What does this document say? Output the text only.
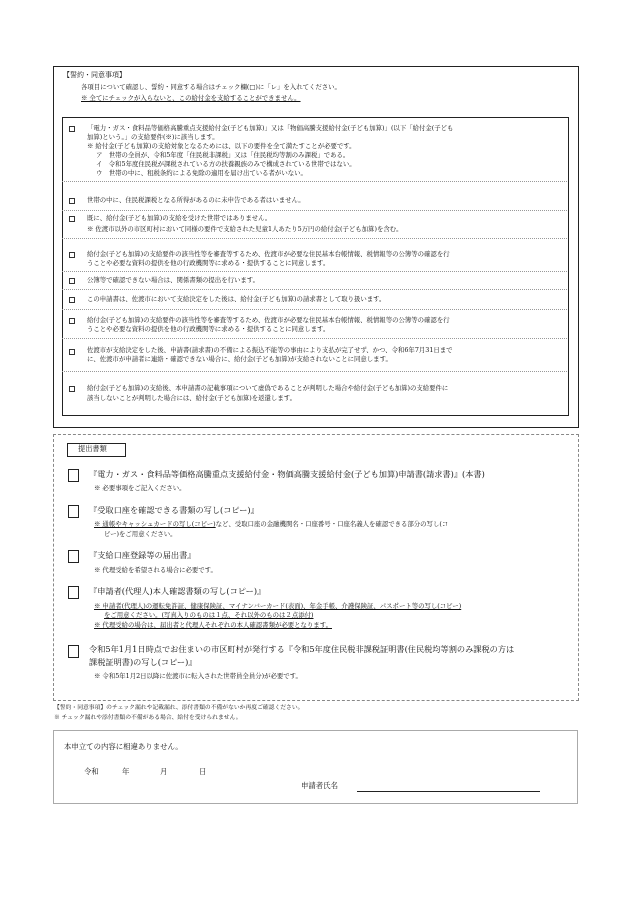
【誓約・同意事項】
各項目について確認し、誓約・同意する場合はチェック欄(□)に「レ」を入れてください。
※ 全てにチェックが入らないと、この給付金を支給することができません。
「電力・ガス・食料品等価格高騰重点支援給付金(子ども加算)」又は「物価高騰支援給付金(子ども加算)」(以下「給付金(子ども
加算)という。」の支給要件(※)に該当します。
※ 給付金(子ども加算)の支給対象となるためには、以下の要件を全て満たすことが必要です。
ア　世帯の全員が、令和5年度「住民税非課税」又は「住民税均等割のみ課税」である。
イ　令和5年度住民税が課税されている方の扶養親族のみで構成されている世帯ではない。
ウ　世帯の中に、租税条約による免除の適用を届け出ている者がいない。
世帯の中に、住民税課税となる所得があるのに未申告である者はいません。
既に、給付金(子ども加算)の支給を受けた世帯ではありません。
※ 佐渡市以外の市区町村において同様の要件で支給された児童1人あたり5万円の給付金(子ども加算)を含む。
給付金(子ども加算)の支給要件の該当性等を審査等するため、佐渡市が必要な住民基本台帳情報、税情報等の公簿等の確認を行
うことや必要な資料の提供を他の行政機関等に求める・提供することに同意します。
公簿等で確認できない場合は、関係書類の提出を行います。
この申請書は、佐渡市において支給決定をした後は、給付金(子ども加算)の請求書として取り扱います。
給付金(子ども加算)の支給要件の該当性等を審査等するため、佐渡市が必要な住民基本台帳情報、税情報等の公簿等の確認を行
うことや必要な資料の提供を他の行政機関等に求める・提供することに同意します。
佐渡市が支給決定をした後、申請書(請求書)の不備による振込不能等の事由により支払が完了せず、かつ、令和6年7月31日まで
に、佐渡市が申請者に連絡・確認できない場合に、給付金(子ども加算)が支給されないことに同意します。
給付金(子ども加算)の支給後、本申請書の記載事項について虚偽であることが判明した場合や給付金(子ども加算)の支給要件に
該当しないことが判明した場合には、給付金(子ども加算)を返還します。
提出書類
『電力・ガス・食料品等価格高騰重点支援給付金・物価高騰支援給付金(子ども加算)申請書(請求書)』(本書)
※ 必要事項をご記入ください。
『受取口座を確認できる書類の写し(コピー)』
※ 通帳やキャッシュカードの写し(コピー)など、受取口座の金融機関名・口座番号・口座名義人を確認できる部分の写し(コ
ピー)をご用意ください。
『支給口座登録等の届出書』
※ 代理受給を希望される場合に必要です。
『申請者(代理人)本人確認書類の写し(コピー)』
※ 申請者(代理人)の運転免許証、健康保険証、マイナンバーカード(表面)、年金手帳、介護保険証、パスポート等の写し(コピー)
をご用意ください。(写真入りのものは１点、それ以外のものは２点添付)
※ 代理受給の場合は、届出者と代理人それぞれの本人確認書類が必要となります。
令和5年1月1日時点でお住まいの市区町村が発行する『令和5年度住民税非課税証明書(住民税均等割のみ課税の方は
課税証明書)の写し(コピー)』
※ 令和5年1月2日以降に佐渡市に転入された世帯員全員分)が必要です。
【誓約・同意事項】のチェック漏れや記載漏れ、添付書類の不備がないか再度ご確認ください。
※ チェック漏れや添付書類の不備がある場合、給付を受けられません。
本申立ての内容に相違ありません。
令和	年	月	日
申請者氏名
